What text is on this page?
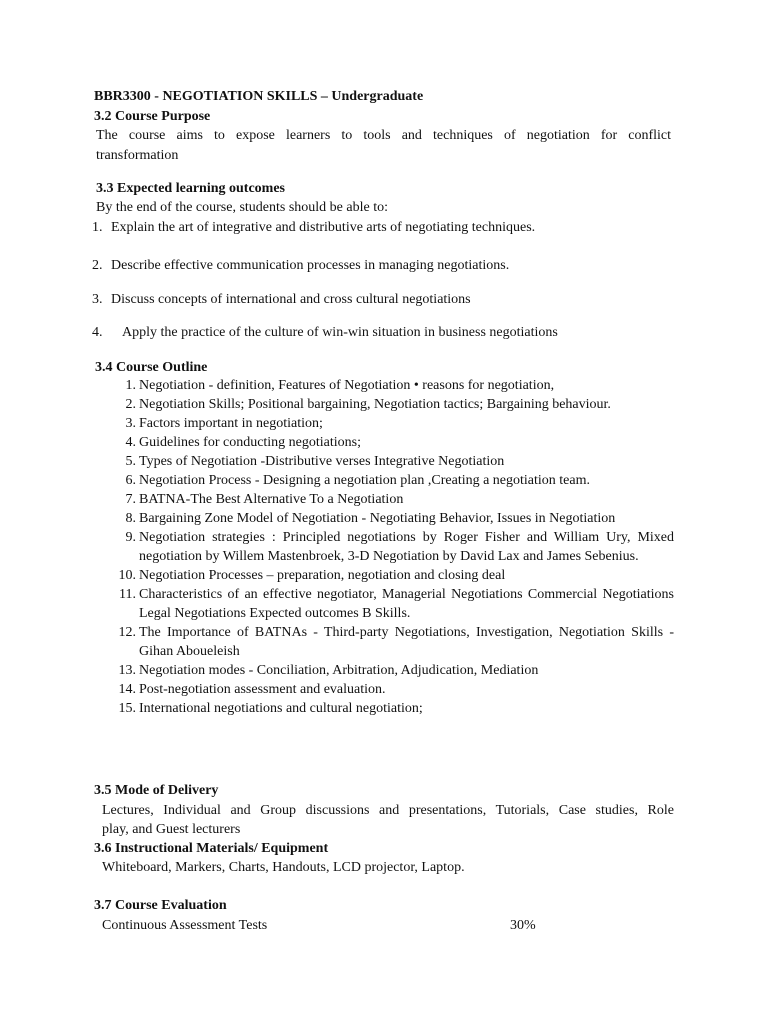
BBR3300 - NEGOTIATION SKILLS – Undergraduate
3.2 Course Purpose
The course aims to expose learners to tools and techniques of negotiation for conflict
transformation
3.3 Expected learning outcomes
By the end of the course, students should be able to:
1. Explain the art of integrative and distributive arts of negotiating techniques.
2. Describe effective communication processes in managing negotiations.
3. Discuss concepts of international and cross cultural negotiations
4. Apply the practice of the culture of win-win situation in business negotiations
3.4 Course Outline
1. Negotiation - definition, Features of Negotiation • reasons for negotiation,
2. Negotiation Skills; Positional bargaining, Negotiation tactics; Bargaining behaviour.
3. Factors important in negotiation;
4. Guidelines for conducting negotiations;
5. Types of Negotiation -Distributive verses Integrative Negotiation
6. Negotiation Process - Designing a negotiation plan ,Creating a negotiation team.
7. BATNA-The Best Alternative To a Negotiation
8. Bargaining Zone Model of Negotiation - Negotiating Behavior, Issues in Negotiation
9. Negotiation strategies : Principled negotiations by Roger Fisher and William Ury, Mixed negotiation by Willem Mastenbroek, 3-D Negotiation by David Lax and James Sebenius.
10. Negotiation Processes – preparation, negotiation and closing deal
11. Characteristics of an effective negotiator, Managerial Negotiations Commercial Negotiations Legal Negotiations Expected outcomes B Skills.
12. The Importance of BATNAs - Third-party Negotiations, Investigation, Negotiation Skills - Gihan Aboueleish
13. Negotiation modes - Conciliation, Arbitration, Adjudication, Mediation
14. Post-negotiation assessment and evaluation.
15. International negotiations and cultural negotiation;
3.5 Mode of Delivery
Lectures, Individual and Group discussions and presentations, Tutorials, Case studies, Role
play, and Guest lecturers
3.6 Instructional Materials/ Equipment
Whiteboard, Markers, Charts, Handouts, LCD projector, Laptop.
3.7 Course Evaluation
Continuous Assessment Tests	30%
